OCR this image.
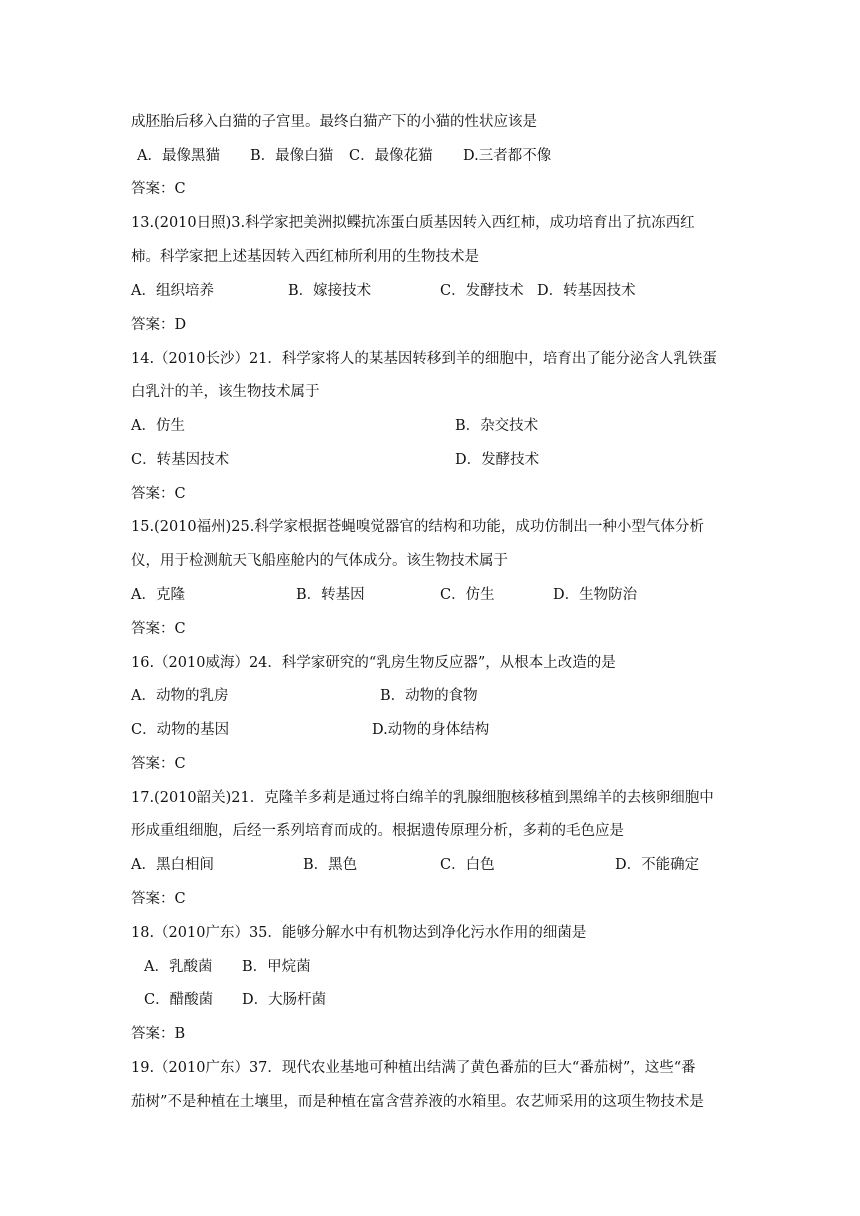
成胚胎后移入白猫的子宫里。最终白猫产下的小猫的性状应该是
A．最像黑猫 B．最像白猫 C．最像花猫 D.三者都不像
答案：C
13.(2010日照)3.科学家把美洲拟鲽抗冻蛋白质基因转入西红柿，成功培育出了抗冻西红
柿。科学家把上述基因转入西红柿所利用的生物技术是
A．组织培养	B．嫁接技术	C．发酵技术 D．转基因技术
答案：D
14.（2010长沙）21．科学家将人的某基因转移到羊的细胞中，培育出了能分泌含人乳铁蛋
白乳汁的羊，该生物技术属于
A．仿生	B．杂交技术
C．转基因技术	D．发酵技术
答案：C
15.(2010福州)25.科学家根据苍蝇嗅觉器官的结构和功能，成功仿制出一种小型气体分析
仪，用于检测航天飞船座舱内的气体成分。该生物技术属于
A．克隆	B．转基因	C．仿生	D．生物防治
答案：C
16.（2010威海）24．科学家研究的“乳房生物反应器”，从根本上改造的是
A．动物的乳房	B．动物的食物
C．动物的基因	D.动物的身体结构
答案：C
17.(2010韶关)21．克隆羊多莉是通过将白绵羊的乳腺细胞核移植到黑绵羊的去核卵细胞中
形成重组细胞，后经一系列培育而成的。根据遗传原理分析，多莉的毛色应是
A．黑白相间	B．黑色	C．白色	D．不能确定
答案：C
18.（2010广东）35．能够分解水中有机物达到净化污水作用的细菌是
A．乳酸菌 B．甲烷菌
C．醋酸菌 D．大肠杆菌
答案：B
19.（2010广东）37．现代农业基地可种植出结满了黄色番茄的巨大“番茄树”，这些“番
茄树”不是种植在土壤里，而是种植在富含营养液的水箱里。农艺师采用的这项生物技术是
